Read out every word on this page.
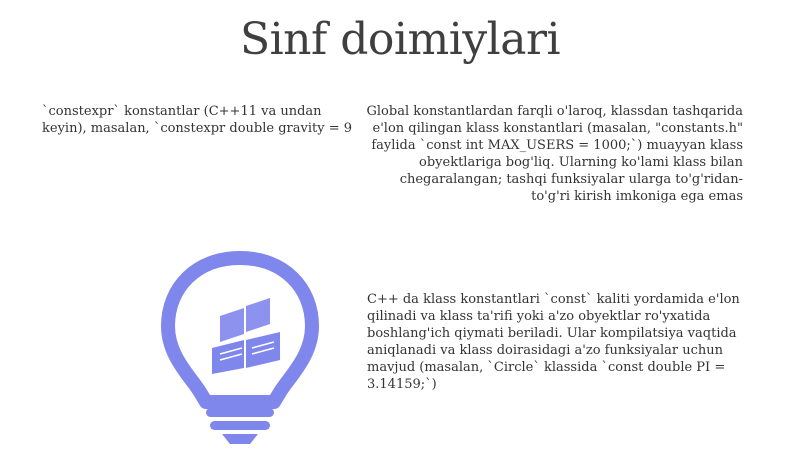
Sinf doimiylari
`constexpr` konstantlar (C++11 va undan keyin), masalan, `constexpr double gravity = 9
Global konstantlardan farqli o'laroq, klassdan tashqarida e'lon qilingan klass konstantlari (masalan, "constants.h" faylida `const int MAX_USERS = 1000;`) muayyan klass obyektlariga bog'liq. Ularning ko'lami klass bilan chegaralangan; tashqi funksiyalar ularga to'g'ridan-to'g'ri kirish imkoniga ega emas
C++ da klass konstantlari `const` kaliti yordamida e'lon qilinadi va klass ta'rifi yoki a'zo obyektlar ro'yxatida boshlang'ich qiymati beriladi. Ular kompilatsiya vaqtida aniqlanadi va klass doirasidagi a'zo funksiyalar uchun mavjud (masalan, `Circle` klassida `const double PI = 3.14159;`)
